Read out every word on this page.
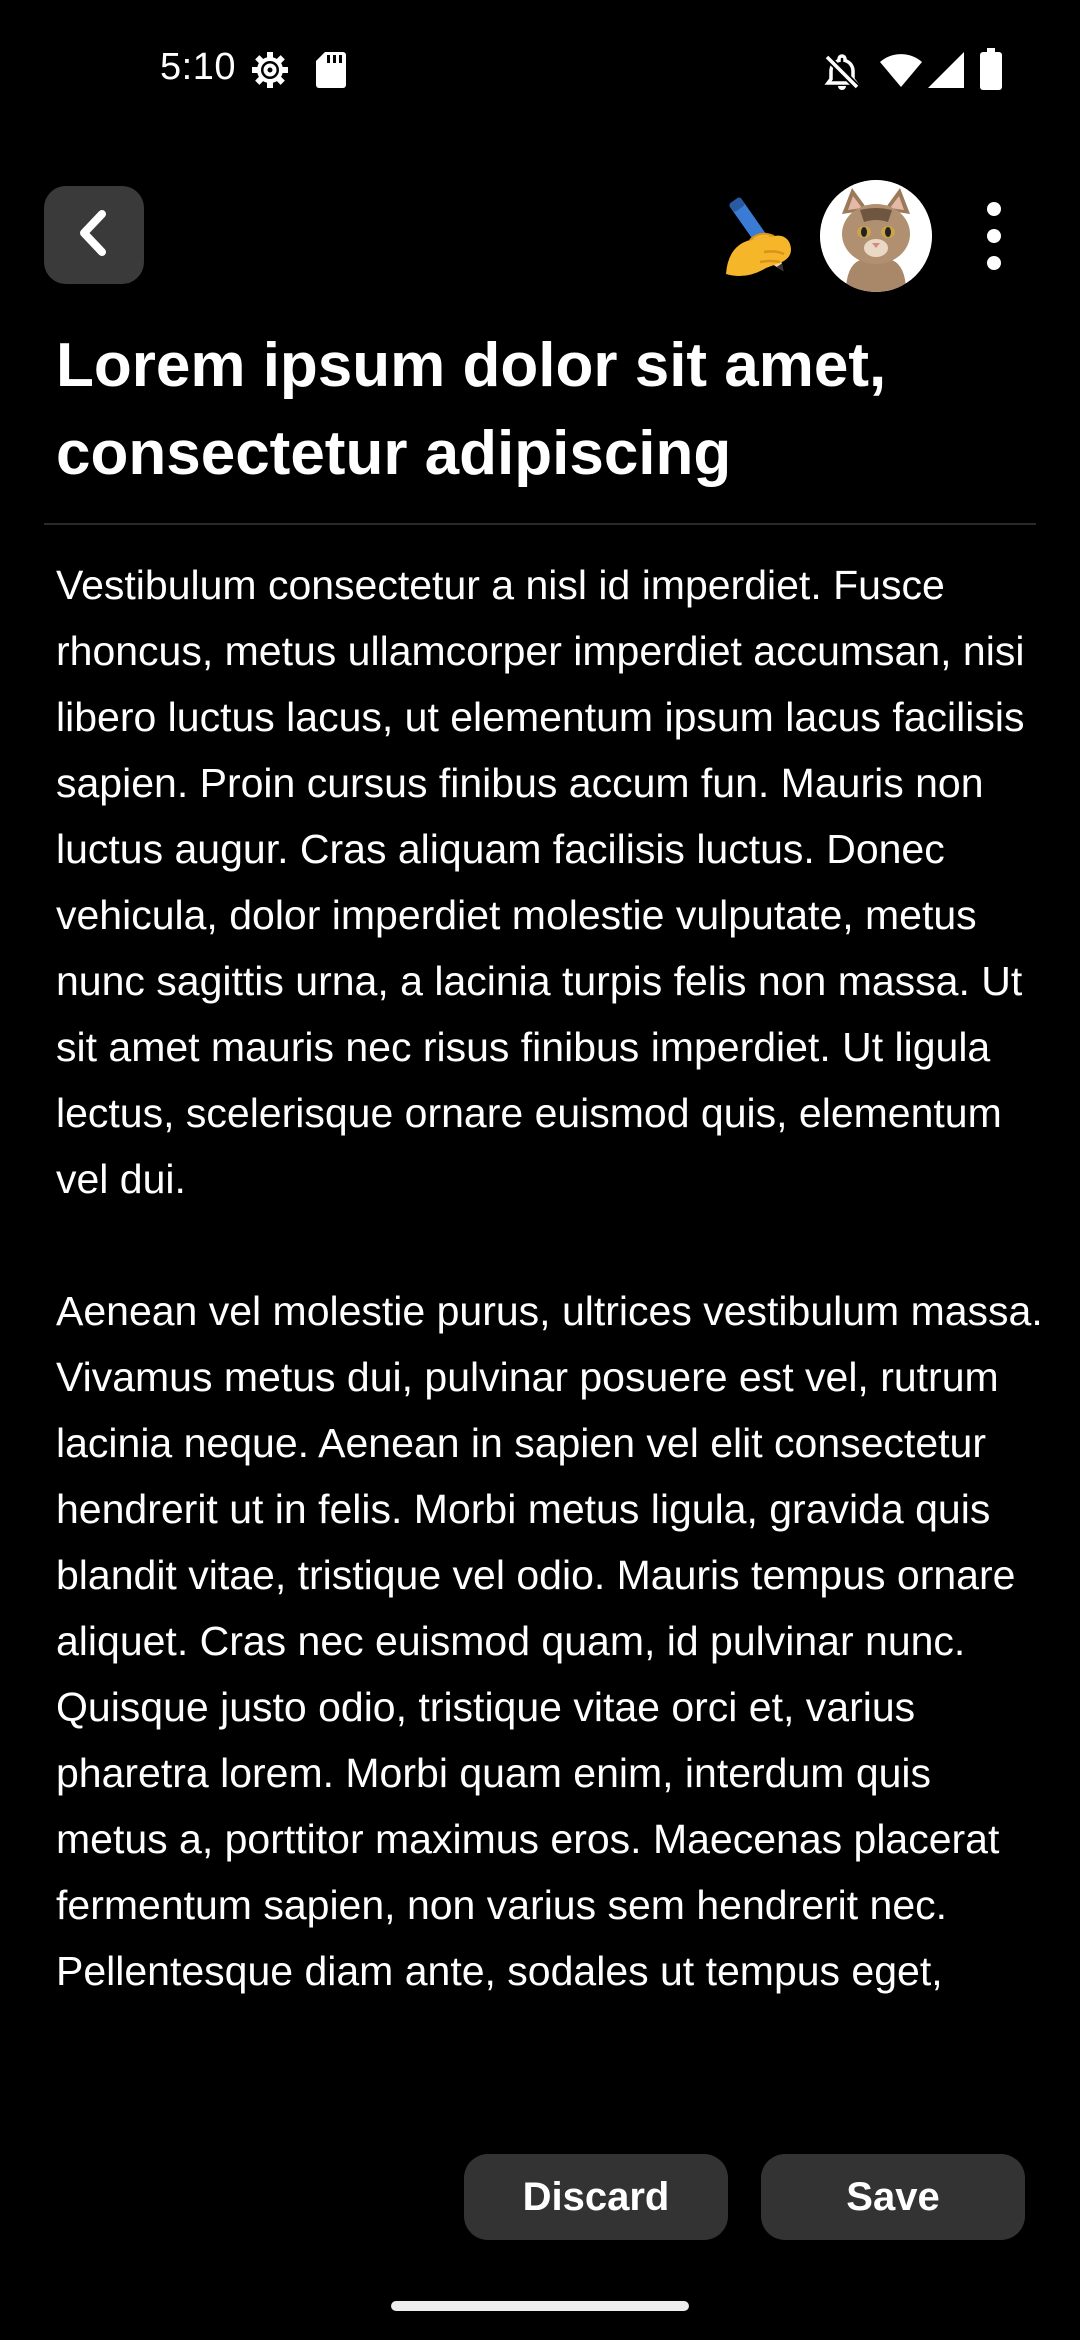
5:10
Lorem ipsum dolor sit amet, consectetur adipiscing

Vestibulum consectetur a nisl id imperdiet. Fusce rhoncus, metus ullamcorper imperdiet accumsan, nisi libero luctus lacus, ut elementum ipsum lacus facilisis sapien. Proin cursus finibus accum fun. Mauris non luctus augur. Cras aliquam facilisis luctus. Donec vehicula, dolor imperdiet molestie vulputate, metus nunc sagittis urna, a lacinia turpis felis non massa. Ut sit amet mauris nec risus finibus imperdiet. Ut ligula lectus, scelerisque ornare euismod quis, elementum vel dui.

Aenean vel molestie purus, ultrices vestibulum massa. Vivamus metus dui, pulvinar posuere est vel, rutrum lacinia neque. Aenean in sapien vel elit consectetur hendrerit ut in felis. Morbi metus ligula, gravida quis blandit vitae, tristique vel odio. Mauris tempus ornare aliquet. Cras nec euismod quam, id pulvinar nunc. Quisque justo odio, tristique vitae orci et, varius pharetra lorem. Morbi quam enim, interdum quis metus a, porttitor maximus eros. Maecenas placerat fermentum sapien, non varius sem hendrerit nec. Pellentesque diam ante, sodales ut tempus eget,

Discard	Save
